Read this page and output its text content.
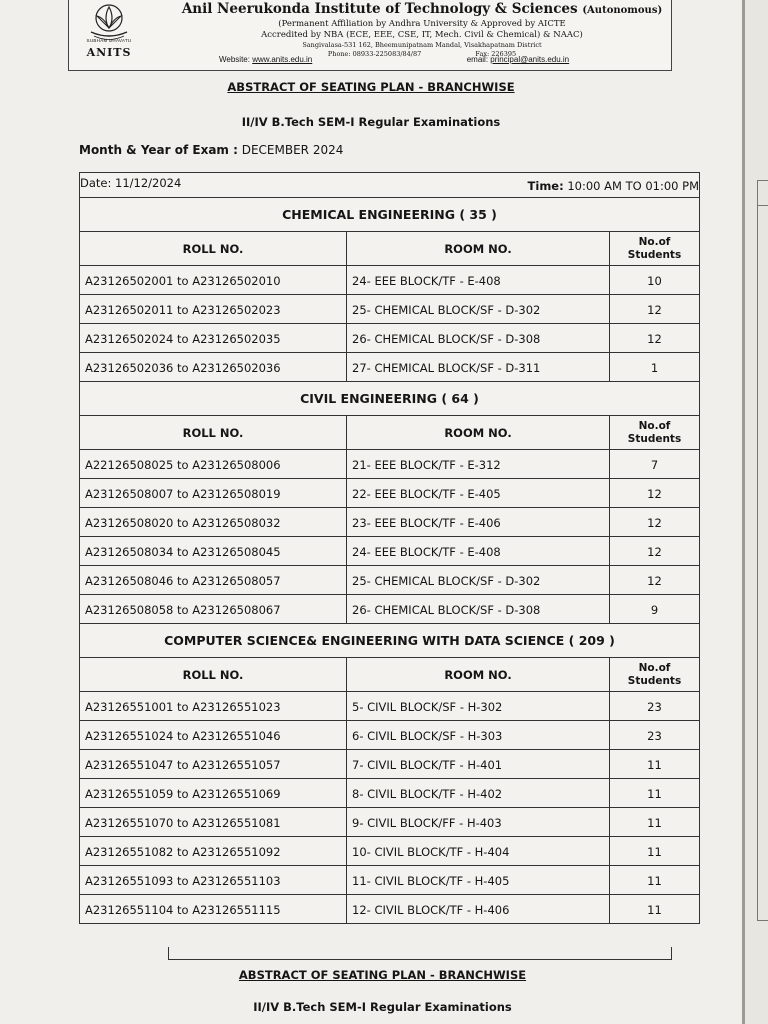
SUBHAM BHAVATU
ANITS
Anil Neerukonda Institute of Technology & Sciences (Autonomous)
(Permanent Affiliation by Andhra University & Approved by AICTE
Accredited by NBA (ECE, EEE, CSE, IT, Mech. Civil & Chemical) & NAAC)
Sangivalasa-531 162, Bheemunipatnam Mandal, Visakhapatnam District
Phone: 08933-225083/84/87	Fax: 226395
Website: www.anits.edu.in	email: principal@anits.edu.in
ABSTRACT OF SEATING PLAN - BRANCHWISE
II/IV B.Tech SEM-I Regular Examinations
Month & Year of Exam : DECEMBER 2024
Date: 11/12/2024	Time: 10:00 AM TO 01:00 PM
CHEMICAL ENGINEERING ( 35 )
ROLL NO.	ROOM NO.	No.of
Students
A23126502001 to A23126502010	24- EEE BLOCK/TF - E-408	10
A23126502011 to A23126502023	25- CHEMICAL BLOCK/SF - D-302	12
A23126502024 to A23126502035	26- CHEMICAL BLOCK/SF - D-308	12
A23126502036 to A23126502036	27- CHEMICAL BLOCK/SF - D-311	1
CIVIL ENGINEERING ( 64 )
ROLL NO.	ROOM NO.	No.of
Students
A22126508025 to A23126508006	21- EEE BLOCK/TF - E-312	7
A23126508007 to A23126508019	22- EEE BLOCK/TF - E-405	12
A23126508020 to A23126508032	23- EEE BLOCK/TF - E-406	12
A23126508034 to A23126508045	24- EEE BLOCK/TF - E-408	12
A23126508046 to A23126508057	25- CHEMICAL BLOCK/SF - D-302	12
A23126508058 to A23126508067	26- CHEMICAL BLOCK/SF - D-308	9
COMPUTER SCIENCE& ENGINEERING WITH DATA SCIENCE ( 209 )
ROLL NO.	ROOM NO.	No.of
Students
A23126551001 to A23126551023	5- CIVIL BLOCK/SF - H-302	23
A23126551024 to A23126551046	6- CIVIL BLOCK/SF - H-303	23
A23126551047 to A23126551057	7- CIVIL BLOCK/TF - H-401	11
A23126551059 to A23126551069	8- CIVIL BLOCK/TF - H-402	11
A23126551070 to A23126551081	9- CIVIL BLOCK/FF - H-403	11
A23126551082 to A23126551092	10- CIVIL BLOCK/TF - H-404	11
A23126551093 to A23126551103	11- CIVIL BLOCK/TF - H-405	11
A23126551104 to A23126551115	12- CIVIL BLOCK/TF - H-406	11
ABSTRACT OF SEATING PLAN - BRANCHWISE
II/IV B.Tech SEM-I Regular Examinations
